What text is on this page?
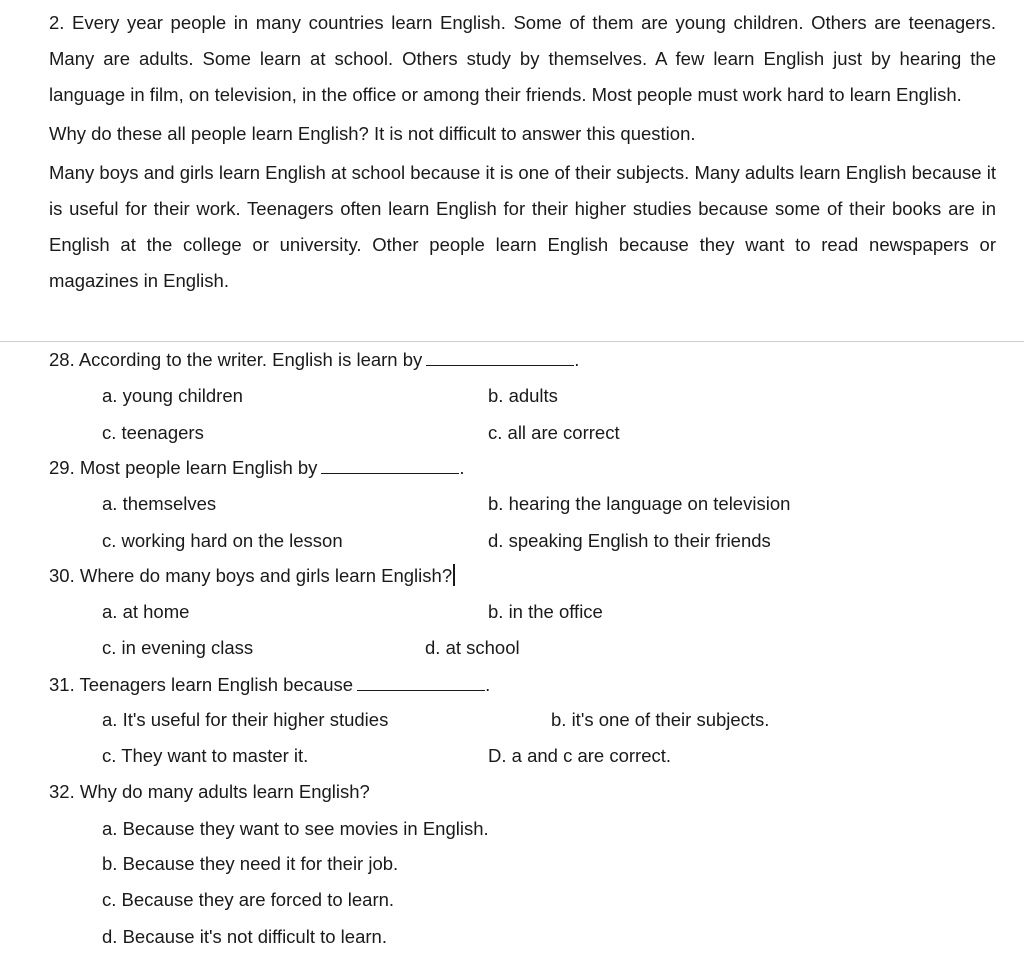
2. Every year people in many countries learn English. Some of them are young children. Others are teenagers. Many are adults. Some learn at school. Others study by themselves. A few learn English just by hearing the language in film, on television, in the office or among their friends. Most people must work hard to learn English.

Why do these all people learn English? It is not difficult to answer this question.

Many boys and girls learn English at school because it is one of their subjects. Many adults learn English because it is useful for their work. Teenagers often learn English for their higher studies because some of their books are in English at the college or university. Other people learn English because they want to read newspapers or magazines in English.

28. According to the writer. English is learn by	.
a. young children	b. adults
c. teenagers	c. all are correct
29. Most people learn English by	.
a. themselves	b. hearing the language on television
c. working hard on the lesson	d. speaking English to their friends
30. Where do many boys and girls learn English?
a. at home	b. in the office
c. in evening class	d. at school
31. Teenagers learn English because	.
a. It's useful for their higher studies	b. it's one of their subjects.
c. They want to master it.	D. a and c are correct.
32. Why do many adults learn English?
a. Because they want to see movies in English.
b. Because they need it for their job.
c. Because they are forced to learn.
d. Because it's not difficult to learn.
